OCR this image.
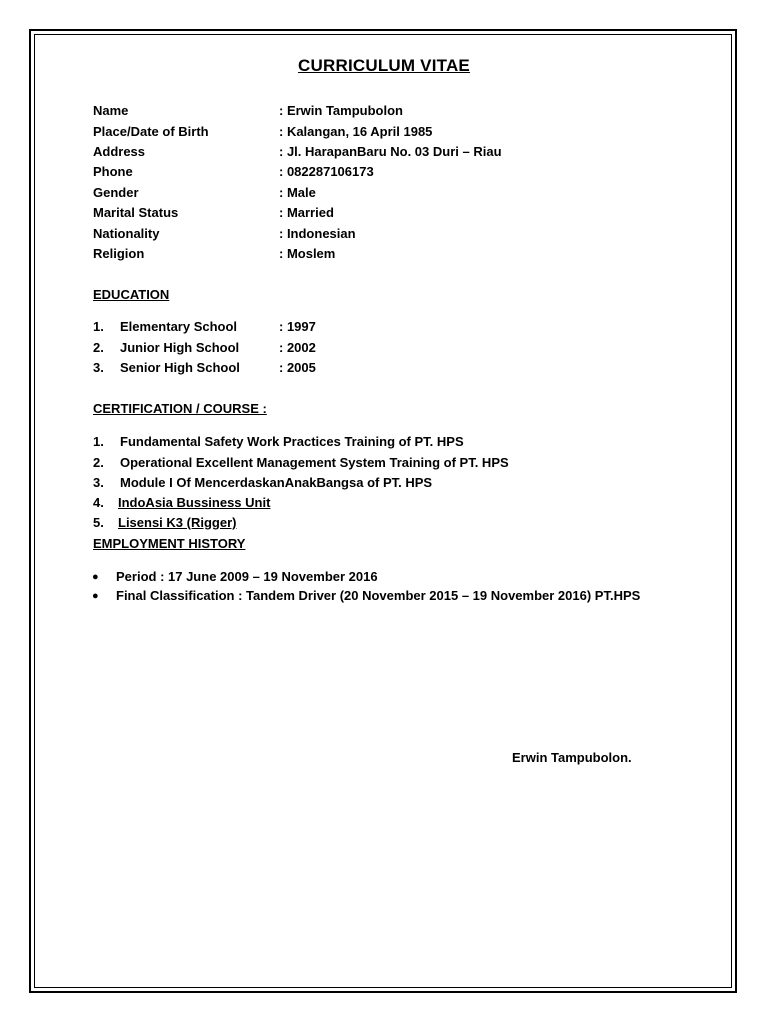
CURRICULUM VITAE
Name	: Erwin Tampubolon
Place/Date of Birth	: Kalangan, 16 April 1985
Address	: Jl. HarapanBaru No. 03 Duri – Riau
Phone	: 082287106173
Gender	: Male
Marital Status	: Married
Nationality	: Indonesian
Religion	: Moslem
EDUCATION
1. Elementary School	: 1997
2. Junior High School	: 2002
3. Senior High School	: 2005
CERTIFICATION / COURSE :
1. Fundamental Safety Work Practices Training of PT. HPS
2. Operational Excellent Management System Training of PT. HPS
3. Module I Of MencerdaskanAnakBangsa of PT. HPS
4. IndoAsia Bussiness Unit
5. Lisensi K3 (Rigger)
EMPLOYMENT HISTORY
● Period : 17 June 2009 – 19 November 2016
● Final Classification : Tandem Driver (20 November 2015 – 19 November 2016) PT.HPS
Erwin Tampubolon.
